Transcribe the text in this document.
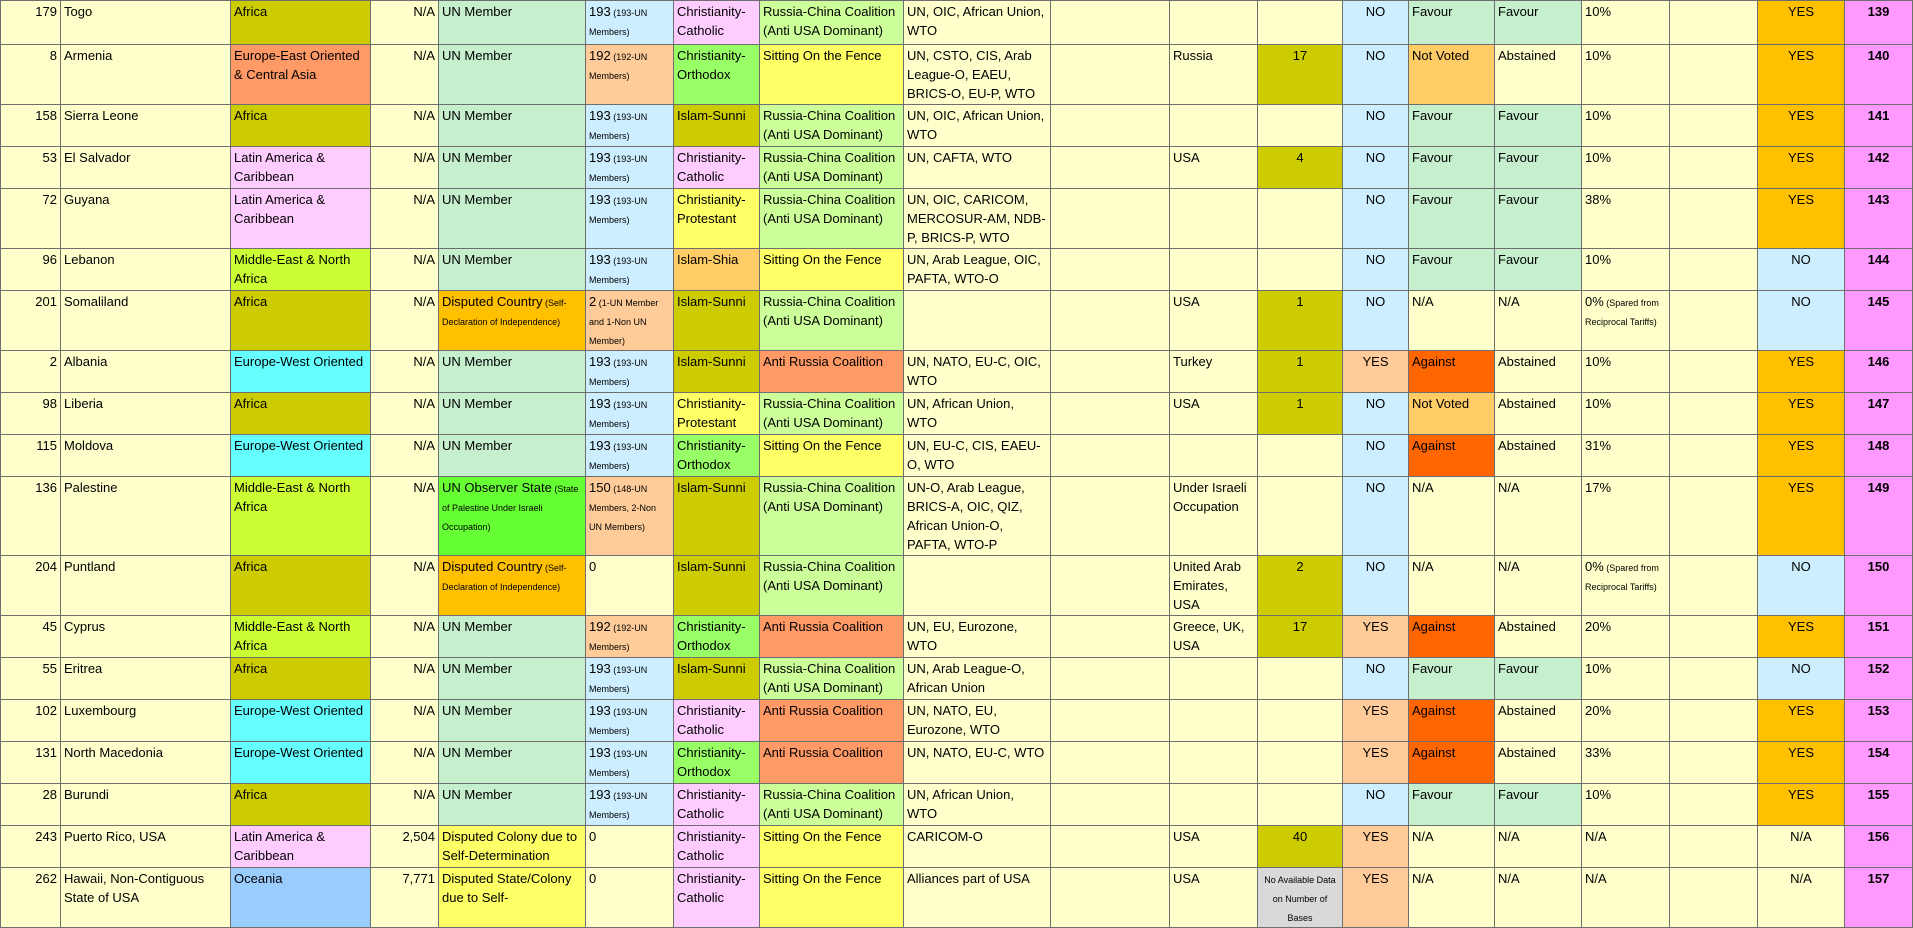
179	Togo	Africa	N/A	UN Member	193 (193-UN Members)	Christianity-Catholic	Russia-China Coalition (Anti USA Dominant)	UN, OIC, African Union, WTO				NO	Favour	Favour	10%		YES	139
8	Armenia	Europe-East Oriented & Central Asia	N/A	UN Member	192 (192-UN Members)	Christianity-Orthodox	Sitting On the Fence	UN, CSTO, CIS, Arab League-O, EAEU, BRICS-O, EU-P, WTO		Russia	17	NO	Not Voted	Abstained	10%		YES	140
158	Sierra Leone	Africa	N/A	UN Member	193 (193-UN Members)	Islam-Sunni	Russia-China Coalition (Anti USA Dominant)	UN, OIC, African Union, WTO				NO	Favour	Favour	10%		YES	141
53	El Salvador	Latin America & Caribbean	N/A	UN Member	193 (193-UN Members)	Christianity-Catholic	Russia-China Coalition (Anti USA Dominant)	UN, CAFTA, WTO		USA	4	NO	Favour	Favour	10%		YES	142
72	Guyana	Latin America & Caribbean	N/A	UN Member	193 (193-UN Members)	Christianity-Protestant	Russia-China Coalition (Anti USA Dominant)	UN, OIC, CARICOM, MERCOSUR-AM, NDB-P, BRICS-P, WTO				NO	Favour	Favour	38%		YES	143
96	Lebanon	Middle-East & North Africa	N/A	UN Member	193 (193-UN Members)	Islam-Shia	Sitting On the Fence	UN, Arab League, OIC, PAFTA, WTO-O				NO	Favour	Favour	10%		NO	144
201	Somaliland	Africa	N/A	Disputed Country (Self-Declaration of Independence)	2 (1-UN Member and 1-Non UN Member)	Islam-Sunni	Russia-China Coalition (Anti USA Dominant)			USA	1	NO	N/A	N/A	0% (Spared from Reciprocal Tariffs)		NO	145
2	Albania	Europe-West Oriented	N/A	UN Member	193 (193-UN Members)	Islam-Sunni	Anti Russia Coalition	UN, NATO, EU-C, OIC, WTO		Turkey	1	YES	Against	Abstained	10%		YES	146
98	Liberia	Africa	N/A	UN Member	193 (193-UN Members)	Christianity-Protestant	Russia-China Coalition (Anti USA Dominant)	UN, African Union, WTO		USA	1	NO	Not Voted	Abstained	10%		YES	147
115	Moldova	Europe-West Oriented	N/A	UN Member	193 (193-UN Members)	Christianity-Orthodox	Sitting On the Fence	UN, EU-C, CIS, EAEU-O, WTO				NO	Against	Abstained	31%		YES	148
136	Palestine	Middle-East & North Africa	N/A	UN Observer State (State of Palestine Under Israeli Occupation)	150 (148-UN Members, 2-Non UN Members)	Islam-Sunni	Russia-China Coalition (Anti USA Dominant)	UN-O, Arab League, BRICS-A, OIC, QIZ, African Union-O, PAFTA, WTO-P		Under Israeli Occupation		NO	N/A	N/A	17%		YES	149
204	Puntland	Africa	N/A	Disputed Country (Self-Declaration of Independence)	0	Islam-Sunni	Russia-China Coalition (Anti USA Dominant)			United Arab Emirates, USA	2	NO	N/A	N/A	0% (Spared from Reciprocal Tariffs)		NO	150
45	Cyprus	Middle-East & North Africa	N/A	UN Member	192 (192-UN Members)	Christianity-Orthodox	Anti Russia Coalition	UN, EU, Eurozone, WTO		Greece, UK, USA	17	YES	Against	Abstained	20%		YES	151
55	Eritrea	Africa	N/A	UN Member	193 (193-UN Members)	Islam-Sunni	Russia-China Coalition (Anti USA Dominant)	UN, Arab League-O, African Union				NO	Favour	Favour	10%		NO	152
102	Luxembourg	Europe-West Oriented	N/A	UN Member	193 (193-UN Members)	Christianity-Catholic	Anti Russia Coalition	UN, NATO, EU, Eurozone, WTO				YES	Against	Abstained	20%		YES	153
131	North Macedonia	Europe-West Oriented	N/A	UN Member	193 (193-UN Members)	Christianity-Orthodox	Anti Russia Coalition	UN, NATO, EU-C, WTO				YES	Against	Abstained	33%		YES	154
28	Burundi	Africa	N/A	UN Member	193 (193-UN Members)	Christianity-Catholic	Russia-China Coalition (Anti USA Dominant)	UN, African Union, WTO				NO	Favour	Favour	10%		YES	155
243	Puerto Rico, USA	Latin America & Caribbean	2,504	Disputed Colony due to Self-Determination	0	Christianity-Catholic	Sitting On the Fence	CARICOM-O		USA	40	YES	N/A	N/A	N/A		N/A	156
262	Hawaii, Non-Contiguous State of USA	Oceania	7,771	Disputed State/Colony due to Self-	0	Christianity-Catholic	Sitting On the Fence	Alliances part of USA		USA	No Available Data on Number of Bases	YES	N/A	N/A	N/A		N/A	157
